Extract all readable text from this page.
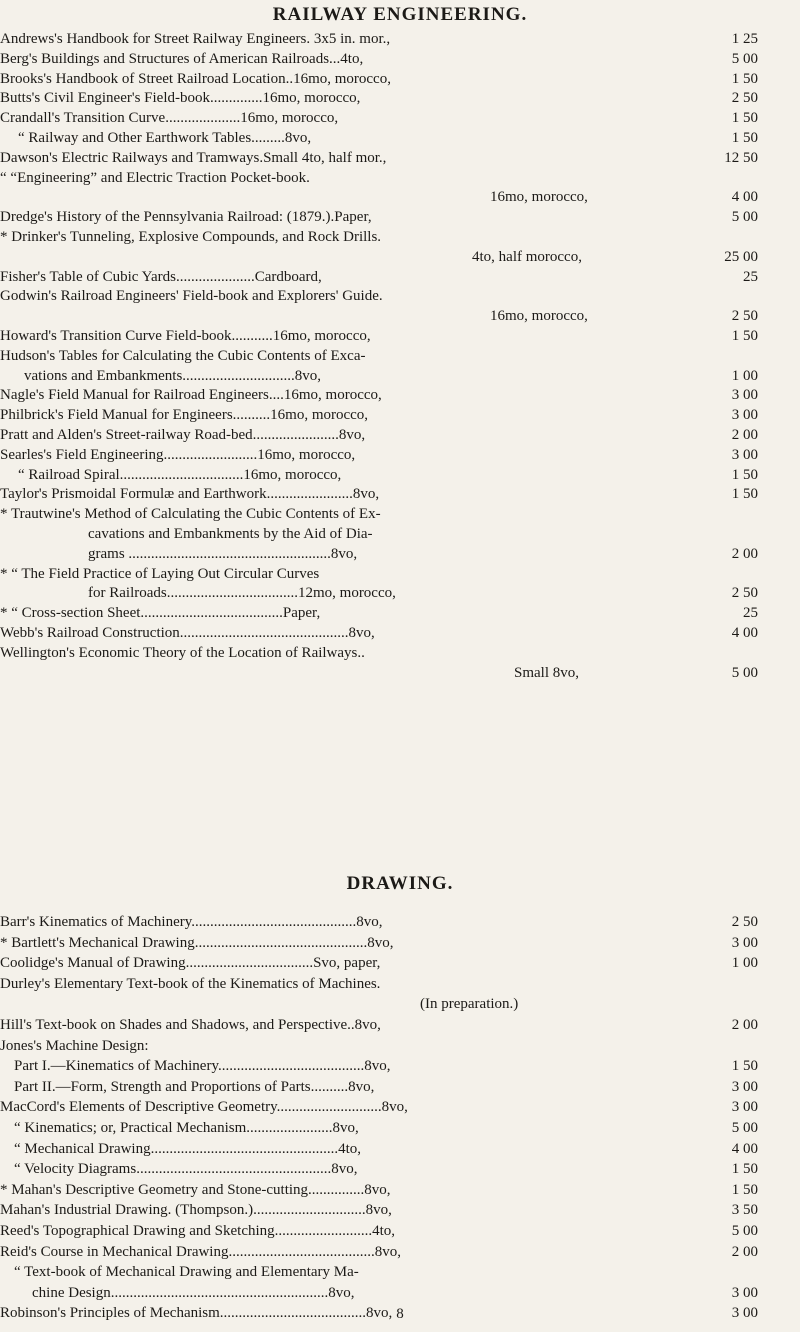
RAILWAY ENGINEERING.
Andrews's Handbook for Street Railway Engineers. 3x5 in. mor.,	1 25
Berg's Buildings and Structures of American Railroads...4to,	5 00
Brooks's Handbook of Street Railroad Location..16mo, morocco,	1 50
Butts's Civil Engineer's Field-book..............16mo, morocco,	2 50
Crandall's Transition Curve....................16mo, morocco,	1 50
“ Railway and Other Earthwork Tables.........8vo,	1 50
Dawson's Electric Railways and Tramways.Small 4to, half mor.,	12 50
“ “Engineering” and Electric Traction Pocket-book.
16mo, morocco,	4 00
Dredge's History of the Pennsylvania Railroad: (1879.).Paper,	5 00
* Drinker's Tunneling, Explosive Compounds, and Rock Drills.
4to, half morocco,	25 00
Fisher's Table of Cubic Yards.....................Cardboard,	25
Godwin's Railroad Engineers' Field-book and Explorers' Guide.
16mo, morocco,	2 50
Howard's Transition Curve Field-book...........16mo, morocco,	1 50
Hudson's Tables for Calculating the Cubic Contents of Exca-
vations and Embankments..............................8vo,	1 00
Nagle's Field Manual for Railroad Engineers....16mo, morocco,	3 00
Philbrick's Field Manual for Engineers..........16mo, morocco,	3 00
Pratt and Alden's Street-railway Road-bed.......................8vo,	2 00
Searles's Field Engineering.........................16mo, morocco,	3 00
“ Railroad Spiral.................................16mo, morocco,	1 50
Taylor's Prismoidal Formulæ and Earthwork.......................8vo,	1 50
* Trautwine's Method of Calculating the Cubic Contents of Ex-
cavations and Embankments by the Aid of Dia-
grams ......................................................8vo,	2 00
* “ The Field Practice of Laying Out Circular Curves
for Railroads...................................12mo, morocco,	2 50
* “ Cross-section Sheet......................................Paper,	25
Webb's Railroad Construction.............................................8vo,	4 00
Wellington's Economic Theory of the Location of Railways..
Small 8vo,	5 00
DRAWING.
Barr's Kinematics of Machinery............................................8vo,	2 50
* Bartlett's Mechanical Drawing..............................................8vo,	3 00
Coolidge's Manual of Drawing..................................Svo, paper,	1 00
Durley's Elementary Text-book of the Kinematics of Machines.
(In preparation.)
Hill's Text-book on Shades and Shadows, and Perspective..8vo,	2 00
Jones's Machine Design:
Part I.—Kinematics of Machinery.......................................8vo,	1 50
Part II.—Form, Strength and Proportions of Parts..........8vo,	3 00
MacCord's Elements of Descriptive Geometry............................8vo,	3 00
“ Kinematics; or, Practical Mechanism.......................8vo,	5 00
“ Mechanical Drawing..................................................4to,	4 00
“ Velocity Diagrams....................................................8vo,	1 50
* Mahan's Descriptive Geometry and Stone-cutting...............8vo,	1 50
Mahan's Industrial Drawing. (Thompson.)..............................8vo,	3 50
Reed's Topographical Drawing and Sketching..........................4to,	5 00
Reid's Course in Mechanical Drawing.......................................8vo,	2 00
“ Text-book of Mechanical Drawing and Elementary Ma-
chine Design..........................................................8vo,	3 00
Robinson's Principles of Mechanism.......................................8vo,	3 00
8
